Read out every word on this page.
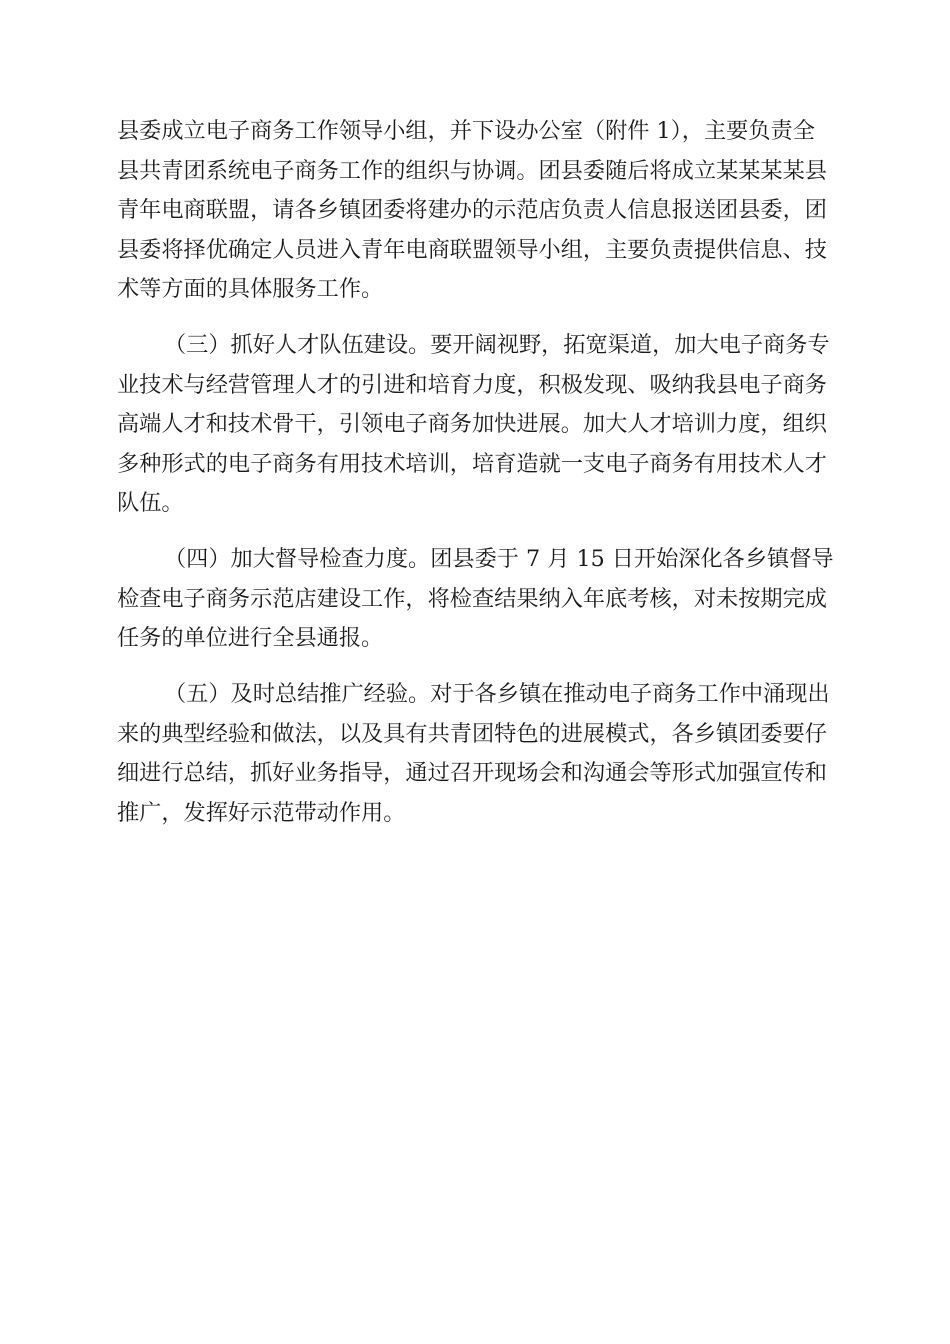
县委成立电子商务工作领导小组，并下设办公室（附件 1），主要负责全
县共青团系统电子商务工作的组织与协调。团县委随后将成立某某某某县
青年电商联盟，请各乡镇团委将建办的示范店负责人信息报送团县委，团
县委将择优确定人员进入青年电商联盟领导小组，主要负责提供信息、技
术等方面的具体服务工作。
（三）抓好人才队伍建设。要开阔视野，拓宽渠道，加大电子商务专
业技术与经营管理人才的引进和培育力度，积极发现、吸纳我县电子商务
高端人才和技术骨干，引领电子商务加快进展。加大人才培训力度，组织
多种形式的电子商务有用技术培训，培育造就一支电子商务有用技术人才
队伍。
（四）加大督导检查力度。团县委于 7 月 15 日开始深化各乡镇督导
检查电子商务示范店建设工作，将检查结果纳入年底考核，对未按期完成
任务的单位进行全县通报。
（五）及时总结推广经验。对于各乡镇在推动电子商务工作中涌现出
来的典型经验和做法，以及具有共青团特色的进展模式，各乡镇团委要仔
细进行总结，抓好业务指导，通过召开现场会和沟通会等形式加强宣传和
推广，发挥好示范带动作用。
